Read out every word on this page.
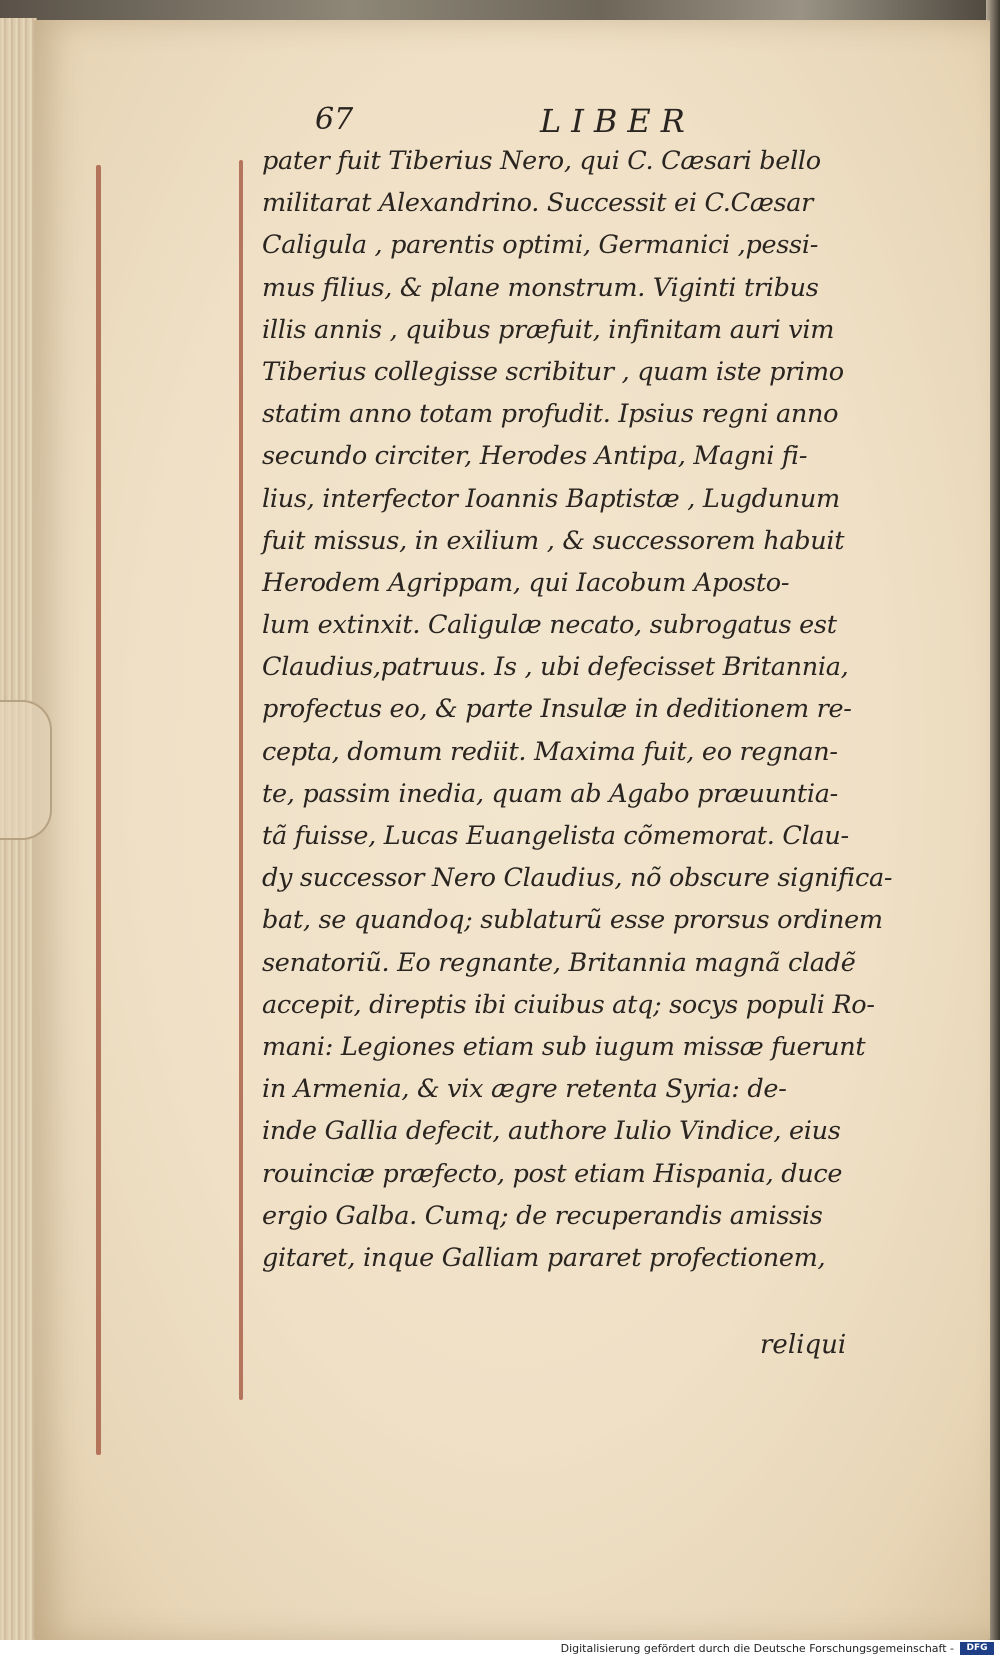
67	LIBER
pater fuit Tiberius Nero, qui C. Cæsari bello
militarat Alexandrino. Successit ei C.Cæsar
Caligula , parentis optimi, Germanici ,pessi-
mus filius, & plane monstrum. Viginti tribus
illis annis , quibus præfuit, infinitam auri vim
Tiberius collegisse scribitur , quam iste primo
statim anno totam profudit. Ipsius regni anno
secundo circiter, Herodes Antipa, Magni fi-
lius, interfector Ioannis Baptistæ , Lugdunum
fuit missus, in exilium , & successorem habuit
Herodem Agrippam, qui Iacobum Aposto-
lum extinxit. Caligulæ necato, subrogatus est
Claudius,patruus. Is , ubi defecisset Britannia,
profectus eo, & parte Insulæ in deditionem re-
cepta, domum rediit. Maxima fuit, eo regnan-
te, passim inedia, quam ab Agabo præuuntia-
tã fuisse, Lucas Euangelista cõmemorat. Clau-
dy successor Nero Claudius, nõ obscure significa-
bat, se quandoq; sublaturũ esse prorsus ordinem
senatoriũ. Eo regnante, Britannia magnã cladẽ
accepit, direptis ibi ciuibus atq; socys populi Ro-
mani: Legiones etiam sub iugum missæ fuerunt
in Armenia, & vix ægre retenta Syria: de-
inde Gallia defecit, authore Iulio Vindice, eius
rouinciæ præfecto, post etiam Hispania, duce
ergio Galba. Cumq; de recuperandis amissis
gitaret, inque Galliam pararet profectionem,
reliqui
Digitalisierung gefördert durch die Deutsche Forschungsgemeinschaft -	DFG
